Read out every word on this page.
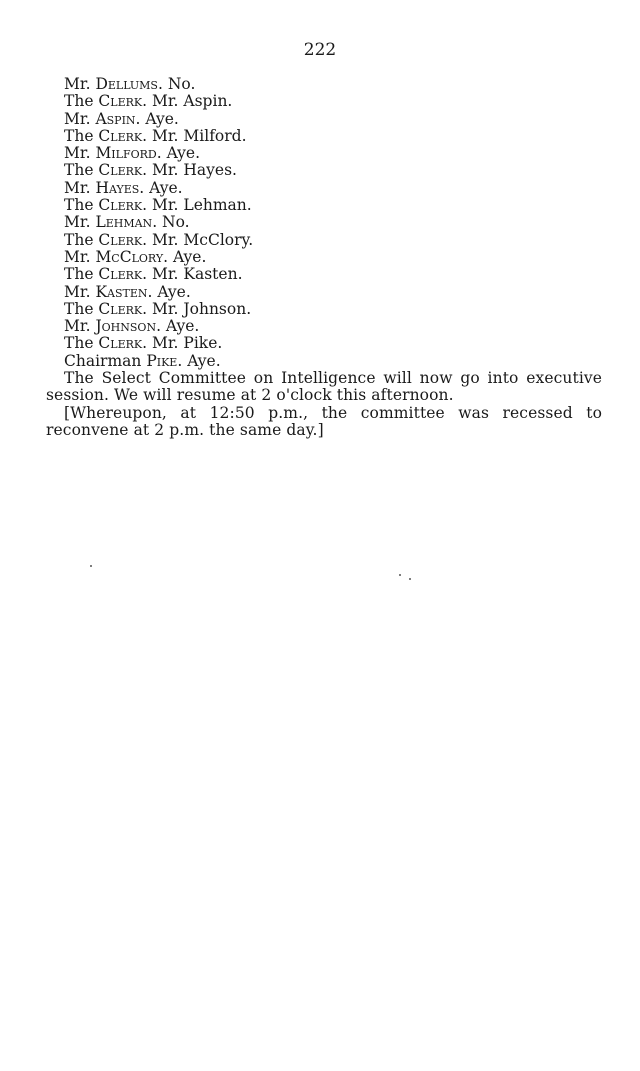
222
Mr. Dellums. No.
The Clerk. Mr. Aspin.
Mr. Aspin. Aye.
The Clerk. Mr. Milford.
Mr. Milford. Aye.
The Clerk. Mr. Hayes.
Mr. Hayes. Aye.
The Clerk. Mr. Lehman.
Mr. Lehman. No.
The Clerk. Mr. McClory.
Mr. McClory. Aye.
The Clerk. Mr. Kasten.
Mr. Kasten. Aye.
The Clerk. Mr. Johnson.
Mr. Johnson. Aye.
The Clerk. Mr. Pike.
Chairman Pike. Aye.
The Select Committee on Intelligence will now go into executive session. We will resume at 2 o'clock this afternoon.
[Whereupon, at 12:50 p.m., the committee was recessed to reconvene at 2 p.m. the same day.]
